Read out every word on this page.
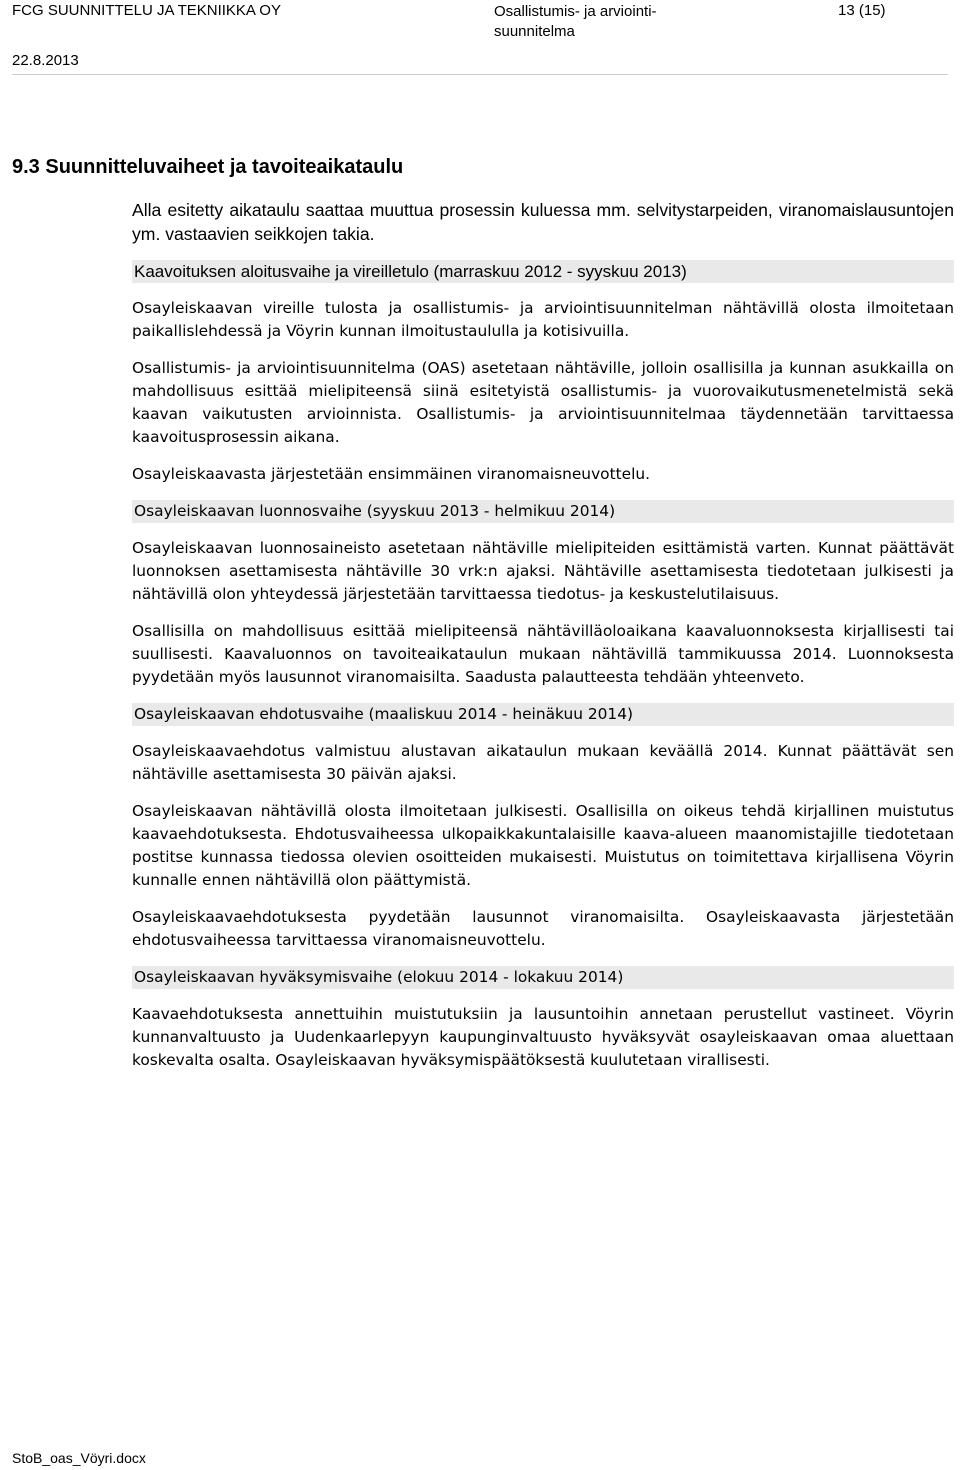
FCG SUUNNITTELU JA TEKNIIKKA OY	Osallistumis- ja arviointi-suunnitelma
13 (15)
22.8.2013
9.3 Suunnitteluvaiheet ja tavoiteaikataulu

Alla esitetty aikataulu saattaa muuttua prosessin kuluessa mm. selvitystarpeiden, viranomaislausuntojen ym. vastaavien seikkojen takia.

Kaavoituksen aloitusvaihe ja vireilletulo (marraskuu 2012 - syyskuu 2013)

Osayleiskaavan vireille tulosta ja osallistumis- ja arviointisuunnitelman nähtävillä olosta ilmoitetaan paikallislehdessä ja Vöyrin kunnan ilmoitustaululla ja kotisivuilla.

Osallistumis- ja arviointisuunnitelma (OAS) asetetaan nähtäville, jolloin osallisilla ja kunnan asukkailla on mahdollisuus esittää mielipiteensä siinä esitetyistä osallistumis- ja vuorovaikutusmenetelmistä sekä kaavan vaikutusten arvioinnista. Osallistumis- ja arviointisuunnitelmaa täydennetään tarvittaessa kaavoitusprosessin aikana.

Osayleiskaavasta järjestetään ensimmäinen viranomaisneuvottelu.

Osayleiskaavan luonnosvaihe (syyskuu 2013 - helmikuu 2014)

Osayleiskaavan luonnosaineisto asetetaan nähtäville mielipiteiden esittämistä varten. Kunnat päättävät luonnoksen asettamisesta nähtäville 30 vrk:n ajaksi. Nähtäville asettamisesta tiedotetaan julkisesti ja nähtävillä olon yhteydessä järjestetään tarvittaessa tiedotus- ja keskustelutilaisuus.

Osallisilla on mahdollisuus esittää mielipiteensä nähtävilläoloaikana kaavaluonnoksesta kirjallisesti tai suullisesti. Kaavaluonnos on tavoiteaikataulun mukaan nähtävillä tammikuussa 2014. Luonnoksesta pyydetään myös lausunnot viranomaisilta. Saadusta palautteesta tehdään yhteenveto.

Osayleiskaavan ehdotusvaihe (maaliskuu 2014 - heinäkuu 2014)

Osayleiskaavaehdotus valmistuu alustavan aikataulun mukaan keväällä 2014. Kunnat päättävät sen nähtäville asettamisesta 30 päivän ajaksi.

Osayleiskaavan nähtävillä olosta ilmoitetaan julkisesti. Osallisilla on oikeus tehdä kirjallinen muistutus kaavaehdotuksesta. Ehdotusvaiheessa ulkopaikkakuntalaisille kaava-alueen maanomistajille tiedotetaan postitse kunnassa tiedossa olevien osoitteiden mukaisesti. Muistutus on toimitettava kirjallisena Vöyrin kunnalle ennen nähtävillä olon päättymistä.

Osayleiskaavaehdotuksesta pyydetään lausunnot viranomaisilta. Osayleiskaavasta järjestetään ehdotusvaiheessa tarvittaessa viranomaisneuvottelu.

Osayleiskaavan hyväksymisvaihe (elokuu 2014 - lokakuu 2014)

Kaavaehdotuksesta annettuihin muistutuksiin ja lausuntoihin annetaan perustellut vastineet. Vöyrin kunnanvaltuusto ja Uudenkaarlepyyn kaupunginvaltuusto hyväksyvät osayleiskaavan omaa aluettaan koskevalta osalta. Osayleiskaavan hyväksymispäätöksestä kuulutetaan virallisesti.

StoB_oas_Vöyri.docx
